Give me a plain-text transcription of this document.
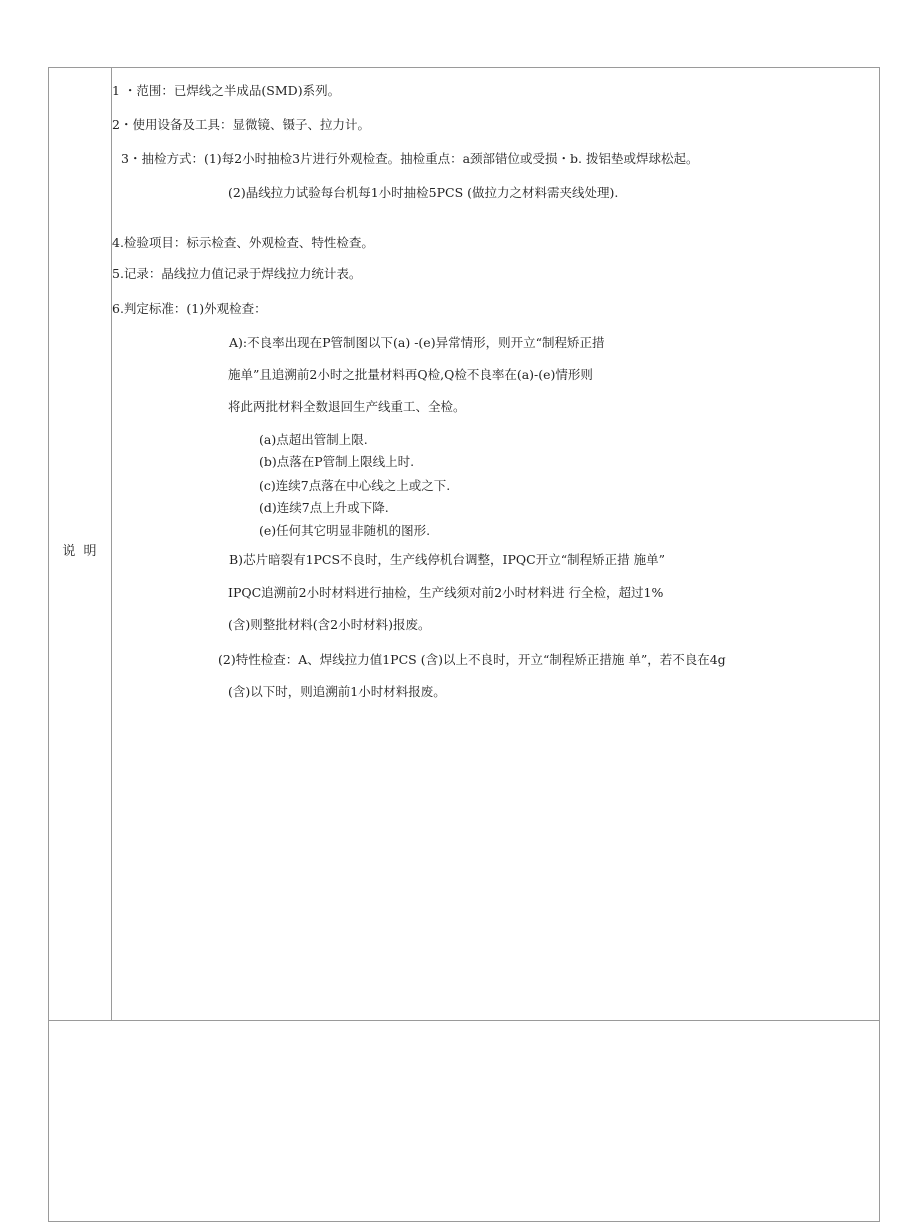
说 明
1 ・范围：已焊线之半成品(SMD)系列。
2・使用设备及工具：显微镜、镊子、拉力计。
3・抽检方式：(1)每2小时抽检3片进行外观检查。抽检重点：a颈部错位或受损・b. 拨铝垫或焊球松起。
(2)晶线拉力试验每台机每1小时抽检5PCS (做拉力之材料需夹线处理).
4.检验项目：标示检查、外观检查、特性检查。
5.记录：晶线拉力值记录于焊线拉力统计表。
6.判定标准：(1)外观检查：
A):不良率出现在P管制图以下(a) -(e)异常情形，则开立“制程矫正措
施单”且追溯前2小时之批量材料再Q检,Q检不良率在(a)-(e)情形则
将此两批材料全数退回生产线重工、全检。
(a)点超出管制上限.
(b)点落在P管制上限线上时.
(c)连续7点落在中心线之上或之下.
(d)连续7点上升或下降.
(e)任何其它明显非随机的图形.
B)芯片暗裂有1PCS不良时，生产线停机台调整，IPQC开立“制程矫正措 施单”
IPQC追溯前2小时材料进行抽检，生产线须对前2小时材料进 行全检，超过1%
(含)则整批材料(含2小时材料)报废。
(2)特性检查：A、焊线拉力值1PCS (含)以上不良时，开立“制程矫正措施 单”，若不良在4g
(含)以下时，则追溯前1小时材料报废。
